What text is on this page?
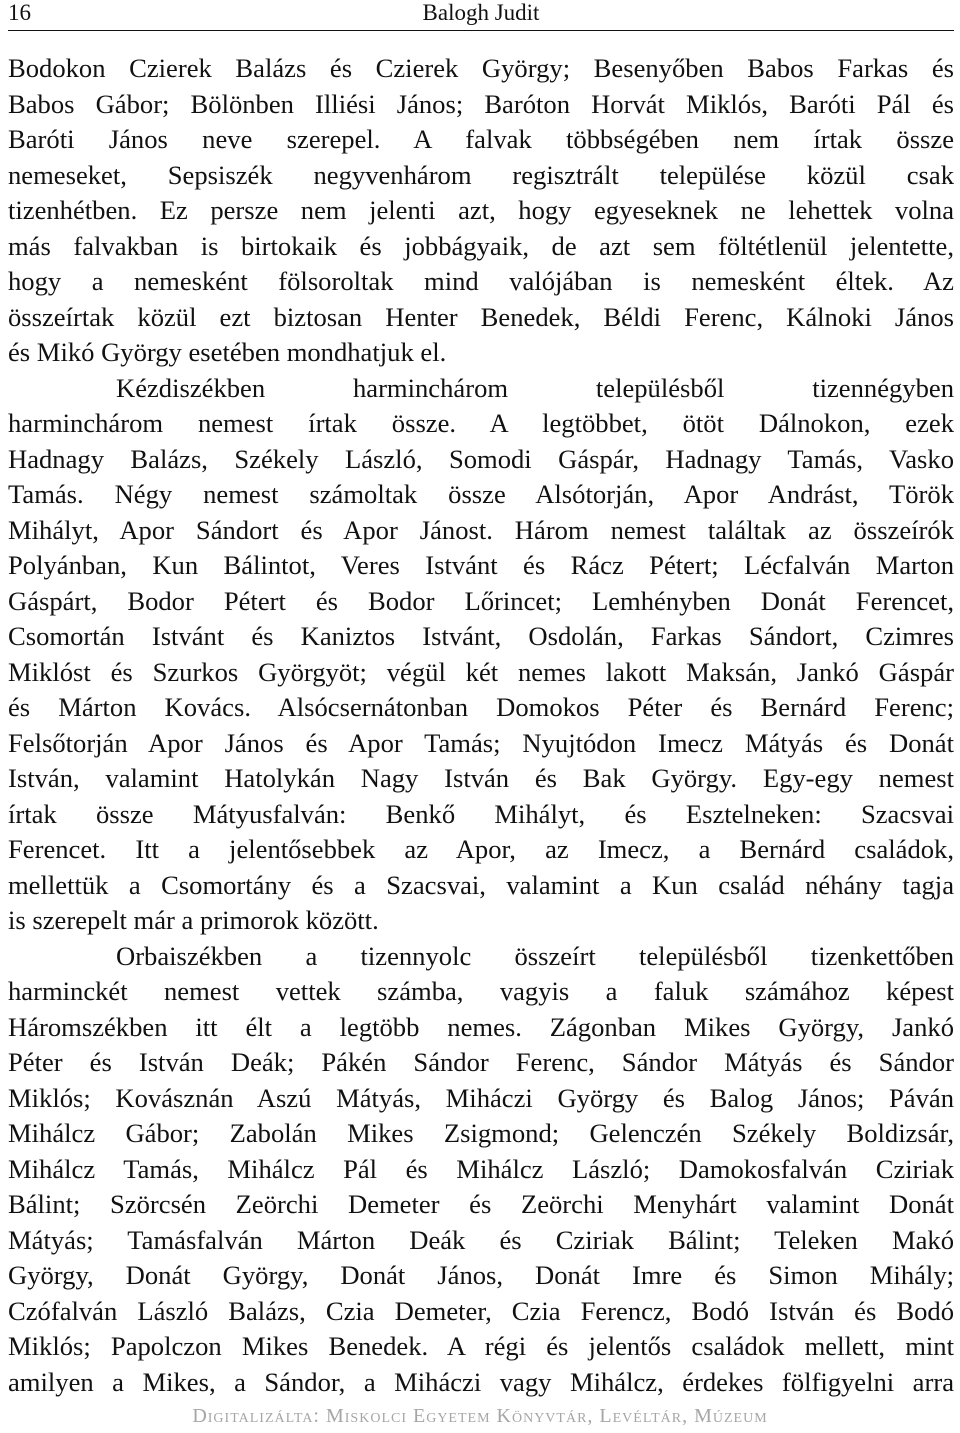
16	Balogh Judit
Bodokon Czierek Balázs és Czierek György; Besenyőben Babos Farkas és
Babos Gábor; Bölönben Illiési János; Baróton Horvát Miklós, Baróti Pál és
Baróti János neve szerepel. A falvak többségében nem írtak össze
nemeseket, Sepsiszék negyvenhárom regisztrált települése közül csak
tizenhétben. Ez persze nem jelenti azt, hogy egyeseknek ne lehettek volna
más falvakban is birtokaik és jobbágyaik, de azt sem föltétlenül jelentette,
hogy a nemesként fölsoroltak mind valójában is nemesként éltek. Az
összeírtak közül ezt biztosan Henter Benedek, Béldi Ferenc, Kálnoki János
és Mikó György esetében mondhatjuk el.
Kézdiszékben harminchárom településből tizennégyben
harminchárom nemest írtak össze. A legtöbbet, ötöt Dálnokon, ezek
Hadnagy Balázs, Székely László, Somodi Gáspár, Hadnagy Tamás, Vasko
Tamás. Négy nemest számoltak össze Alsótorján, Apor Andrást, Török
Mihályt, Apor Sándort és Apor Jánost. Három nemest találtak az összeírók
Polyánban, Kun Bálintot, Veres Istvánt és Rácz Pétert; Lécfalván Marton
Gáspárt, Bodor Pétert és Bodor Lőrincet; Lemhényben Donát Ferencet,
Csomortán Istvánt és Kaniztos Istvánt, Osdolán, Farkas Sándort, Czimres
Miklóst és Szurkos Györgyöt; végül két nemes lakott Maksán, Jankó Gáspár
és Márton Kovács. Alsócsernátonban Domokos Péter és Bernárd Ferenc;
Felsőtorján Apor János és Apor Tamás; Nyujtódon Imecz Mátyás és Donát
István, valamint Hatolykán Nagy István és Bak György. Egy-egy nemest
írtak össze Mátyusfalván: Benkő Mihályt, és Esztelneken: Szacsvai
Ferencet. Itt a jelentősebbek az Apor, az Imecz, a Bernárd családok,
mellettük a Csomortány és a Szacsvai, valamint a Kun család néhány tagja
is szerepelt már a primorok között.
Orbaiszékben a tizennyolc összeírt településből tizenkettőben
harminckét nemest vettek számba, vagyis a faluk számához képest
Háromszékben itt élt a legtöbb nemes. Zágonban Mikes György, Jankó
Péter és István Deák; Pákén Sándor Ferenc, Sándor Mátyás és Sándor
Miklós; Kovásznán Aszú Mátyás, Miháczi György és Balog János; Páván
Mihálcz Gábor; Zabolán Mikes Zsigmond; Gelenczén Székely Boldizsár,
Mihálcz Tamás, Mihálcz Pál és Mihálcz László; Damokosfalván Cziriak
Bálint; Szörcsén Zeörchi Demeter és Zeörchi Menyhárt valamint Donát
Mátyás; Tamásfalván Márton Deák és Cziriak Bálint; Teleken Makó
György, Donát György, Donát János, Donát Imre és Simon Mihály;
Czófalván László Balázs, Czia Demeter, Czia Ferencz, Bodó István és Bodó
Miklós; Papolczon Mikes Benedek. A régi és jelentős családok mellett, mint
amilyen a Mikes, a Sándor, a Miháczi vagy Mihálcz, érdekes fölfigyelni arra
Digitalizálta: Miskolci Egyetem Könyvtár, Levéltár, Múzeum
